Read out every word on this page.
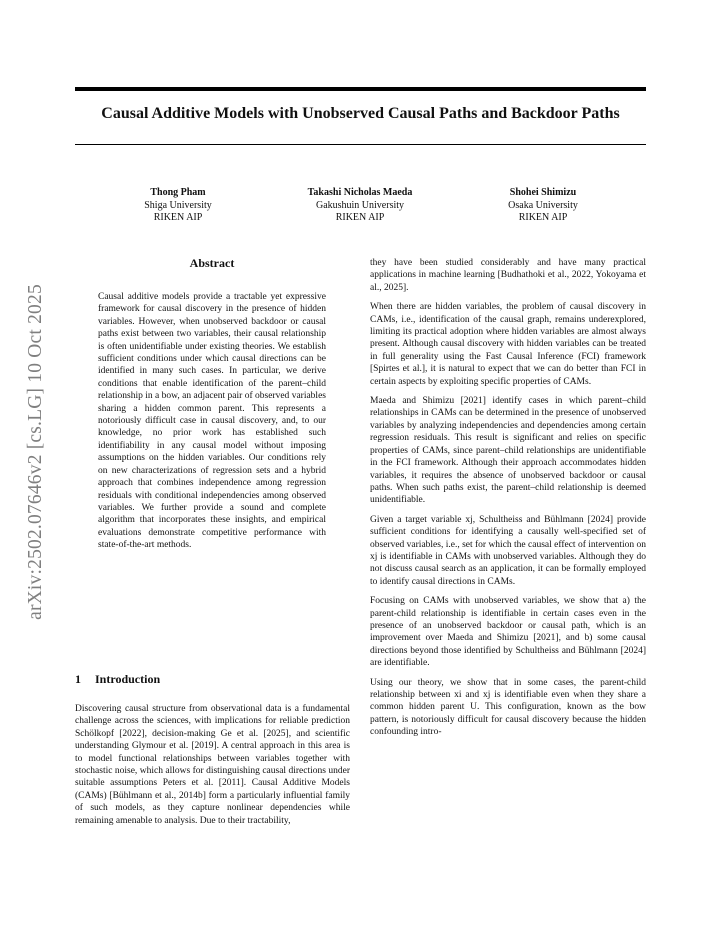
Causal Additive Models with Unobserved Causal Paths and Backdoor Paths
Thong Pham
Shiga University
RIKEN AIP
Takashi Nicholas Maeda
Gakushuin University
RIKEN AIP
Shohei Shimizu
Osaka University
RIKEN AIP
arXiv:2502.07646v2 [cs.LG] 10 Oct 2025
Abstract

Causal additive models provide a tractable yet expressive framework for causal discovery in the presence of hidden variables. However, when unobserved backdoor or causal paths exist between two variables, their causal relationship is often unidentifiable under existing theories. We establish sufficient conditions under which causal directions can be identified in many such cases. In particular, we derive conditions that enable identification of the parent–child relationship in a bow, an adjacent pair of observed variables sharing a hidden common parent. This represents a notoriously difficult case in causal discovery, and, to our knowledge, no prior work has established such identifiability in any causal model without imposing assumptions on the hidden variables. Our conditions rely on new characterizations of regression sets and a hybrid approach that combines independence among regression residuals with conditional independencies among observed variables. We further provide a sound and complete algorithm that incorporates these insights, and empirical evaluations demonstrate competitive performance with state-of-the-art methods.

1 Introduction

Discovering causal structure from observational data is a fundamental challenge across the sciences, with implications for reliable prediction Schölkopf [2022], decision-making Ge et al. [2025], and scientific understanding Glymour et al. [2019]. A central approach in this area is to model functional relationships between variables together with stochastic noise, which allows for distinguishing causal directions under suitable assumptions Peters et al. [2011]. Causal Additive Models (CAMs) [Bühlmann et al., 2014b] form a particularly influential family of such models, as they capture nonlinear dependencies while remaining amenable to analysis. Due to their tractability,

they have been studied considerably and have many practical applications in machine learning [Budhathoki et al., 2022, Yokoyama et al., 2025].

When there are hidden variables, the problem of causal discovery in CAMs, i.e., identification of the causal graph, remains underexplored, limiting its practical adoption where hidden variables are almost always present. Although causal discovery with hidden variables can be treated in full generality using the Fast Causal Inference (FCI) framework [Spirtes et al.], it is natural to expect that we can do better than FCI in certain aspects by exploiting specific properties of CAMs.

Maeda and Shimizu [2021] identify cases in which parent–child relationships in CAMs can be determined in the presence of unobserved variables by analyzing independencies and dependencies among certain regression residuals. This result is significant and relies on specific properties of CAMs, since parent–child relationships are unidentifiable in the FCI framework. Although their approach accommodates hidden variables, it requires the absence of unobserved backdoor or causal paths. When such paths exist, the parent–child relationship is deemed unidentifiable.

Given a target variable xj, Schultheiss and Bühlmann [2024] provide sufficient conditions for identifying a causally well-specified set of observed variables, i.e., set for which the causal effect of intervention on xj is identifiable in CAMs with unobserved variables. Although they do not discuss causal search as an application, it can be formally employed to identify causal directions in CAMs.

Focusing on CAMs with unobserved variables, we show that a) the parent-child relationship is identifiable in certain cases even in the presence of an unobserved backdoor or causal path, which is an improvement over Maeda and Shimizu [2021], and b) some causal directions beyond those identified by Schultheiss and Bühlmann [2024] are identifiable.

Using our theory, we show that in some cases, the parent-child relationship between xi and xj is identifiable even when they share a common hidden parent U. This configuration, known as the bow pattern, is notoriously difficult for causal discovery because the hidden confounding intro-
